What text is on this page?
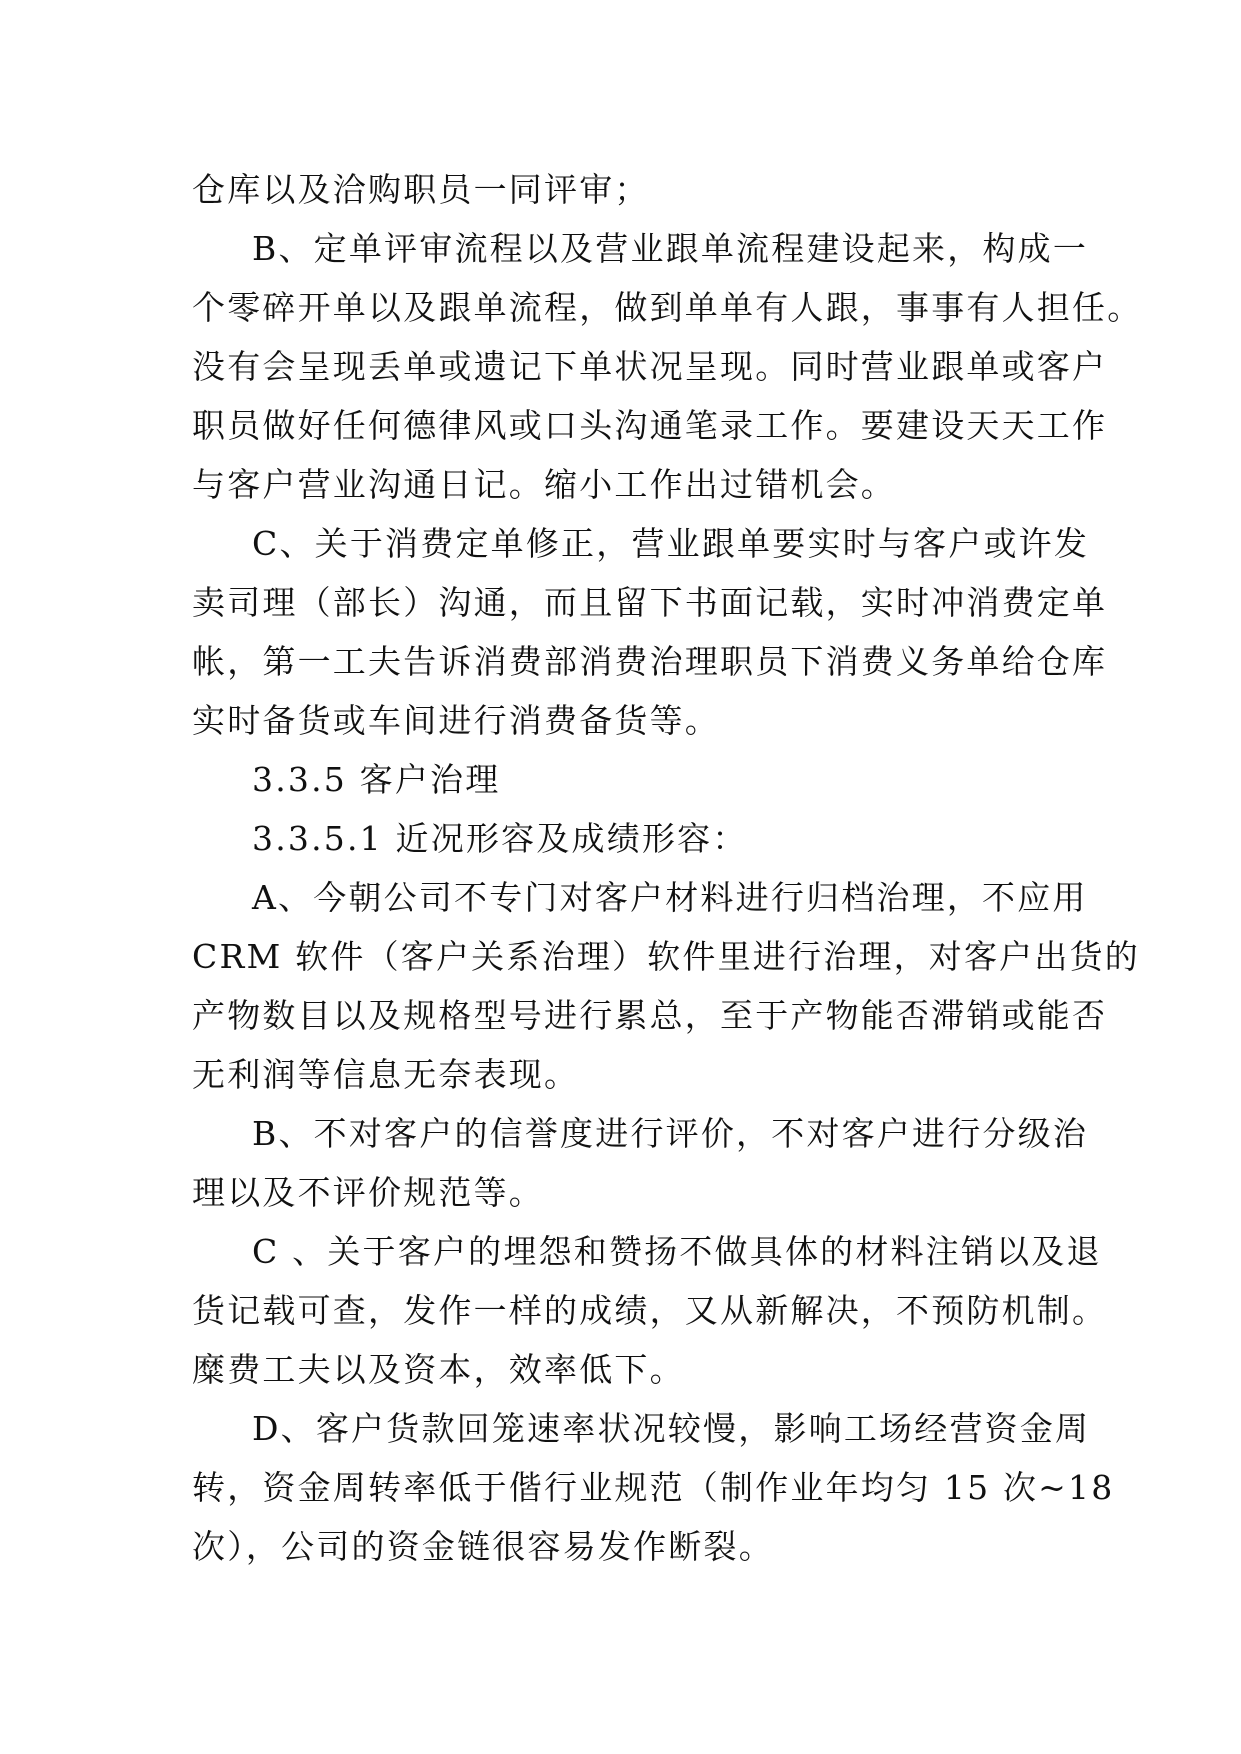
仓库以及洽购职员一同评审；
B、定单评审流程以及营业跟单流程建设起来，构成一
个零碎开单以及跟单流程，做到单单有人跟，事事有人担任。
没有会呈现丢单或遗记下单状况呈现。同时营业跟单或客户
职员做好任何德律风或口头沟通笔录工作。要建设天天工作
与客户营业沟通日记。缩小工作出过错机会。
C、关于消费定单修正，营业跟单要实时与客户或许发
卖司理（部长）沟通，而且留下书面记载，实时冲消费定单
帐，第一工夫告诉消费部消费治理职员下消费义务单给仓库
实时备货或车间进行消费备货等。
3.3.5 客户治理
3.3.5.1 近况形容及成绩形容：
A、今朝公司不专门对客户材料进行归档治理，不应用
CRM 软件（客户关系治理）软件里进行治理，对客户出货的
产物数目以及规格型号进行累总，至于产物能否滞销或能否
无利润等信息无奈表现。
B、不对客户的信誉度进行评价，不对客户进行分级治
理以及不评价规范等。
C 、关于客户的埋怨和赞扬不做具体的材料注销以及退
货记载可查，发作一样的成绩，又从新解决，不预防机制。
糜费工夫以及资本，效率低下。
D、客户货款回笼速率状况较慢，影响工场经营资金周
转，资金周转率低于偕行业规范（制作业年均匀 15 次~18
次），公司的资金链很容易发作断裂。
